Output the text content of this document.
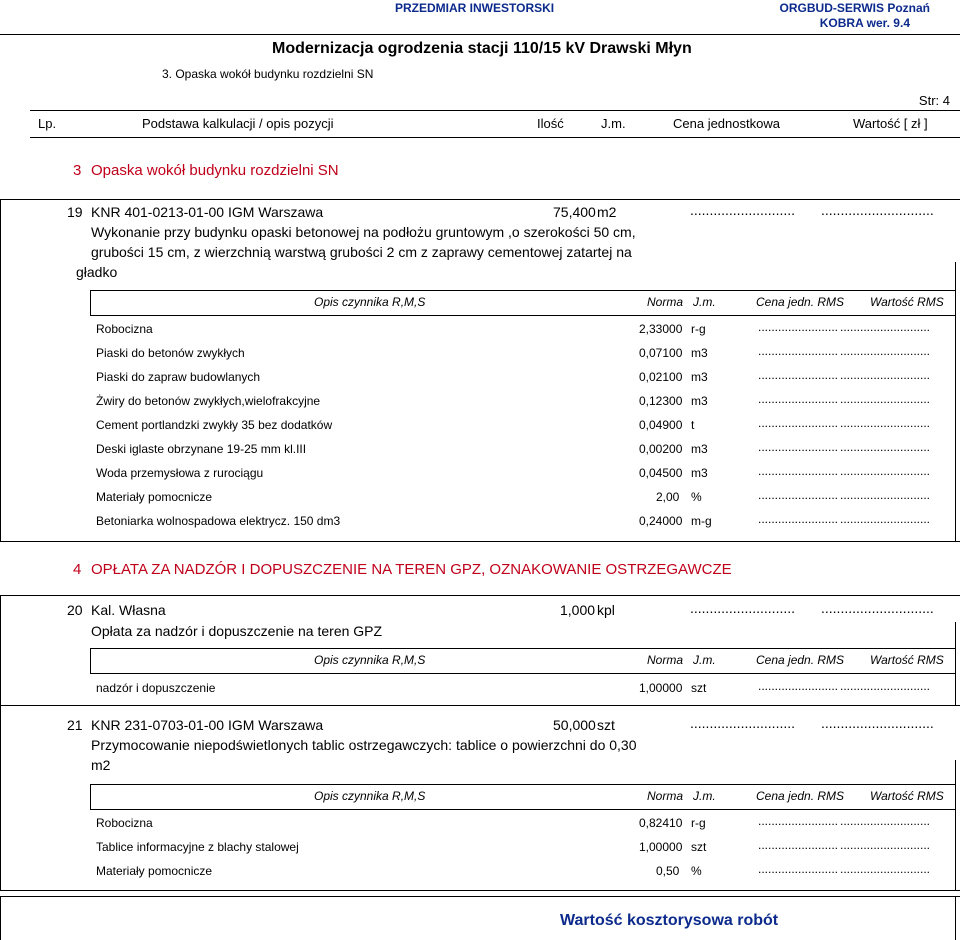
PRZEDMIAR INWESTORSKI	ORGBUD-SERWIS Poznań
KOBRA wer. 9.4
Modernizacja ogrodzenia stacji 110/15 kV Drawski Młyn
3. Opaska wokół budynku rozdzielni SN
Str: 4
Lp.	Podstawa kalkulacji / opis pozycji	Ilość	J.m.	Cena jednostkowa	Wartość [ zł ]
3 Opaska wokół budynku rozdzielni SN
19 KNR 401-0213-01-00 IGM Warszawa	75,400 m2	........................... .............................
Wykonanie przy budynku opaski betonowej na podłożu gruntowym ,o szerokości 50 cm,
grubości 15 cm, z wierzchnią warstwą grubości 2 cm z zaprawy cementowej zatartej na
gładko
Opis czynnika R,M,S	Norma J.m.	Cena jedn. RMS Wartość RMS
Robocizna	2,33000 r-g	........................ ...........................
Piaski do betonów zwykłych	0,07100 m3	........................ ...........................
Piaski do zapraw budowlanych	0,02100 m3	........................ ...........................
Żwiry do betonów zwykłych,wielofrakcyjne	0,12300 m3	........................ ...........................
Cement portlandzki zwykły 35 bez dodatków	0,04900 t	........................ ...........................
Deski iglaste obrzynane 19-25 mm kl.III	0,00200 m3	........................ ...........................
Woda przemysłowa z rurociągu	0,04500 m3	........................ ...........................
Materiały pomocnicze	2,00 %	........................ ...........................
Betoniarka wolnospadowa elektrycz. 150 dm3	0,24000 m-g	........................ ...........................
4 OPŁATA ZA NADZÓR I DOPUSZCZENIE NA TEREN GPZ, OZNAKOWANIE OSTRZEGAWCZE
20 Kal. Własna	1,000 kpl	........................... .............................
Opłata za nadzór i dopuszczenie na teren GPZ
Opis czynnika R,M,S	Norma J.m.	Cena jedn. RMS Wartość RMS
nadzór i dopuszczenie	1,00000 szt	........................ ...........................
21 KNR 231-0703-01-00 IGM Warszawa	50,000 szt	........................... .............................
Przymocowanie niepodświetlonych tablic ostrzegawczych: tablice o powierzchni do 0,30
m2
Opis czynnika R,M,S	Norma J.m.	Cena jedn. RMS Wartość RMS
Robocizna	0,82410 r-g	........................ ...........................
Tablice informacyjne z blachy stalowej	1,00000 szt	........................ ...........................
Materiały pomocnicze	0,50 %	........................ ...........................
Wartość kosztorysowa robót
